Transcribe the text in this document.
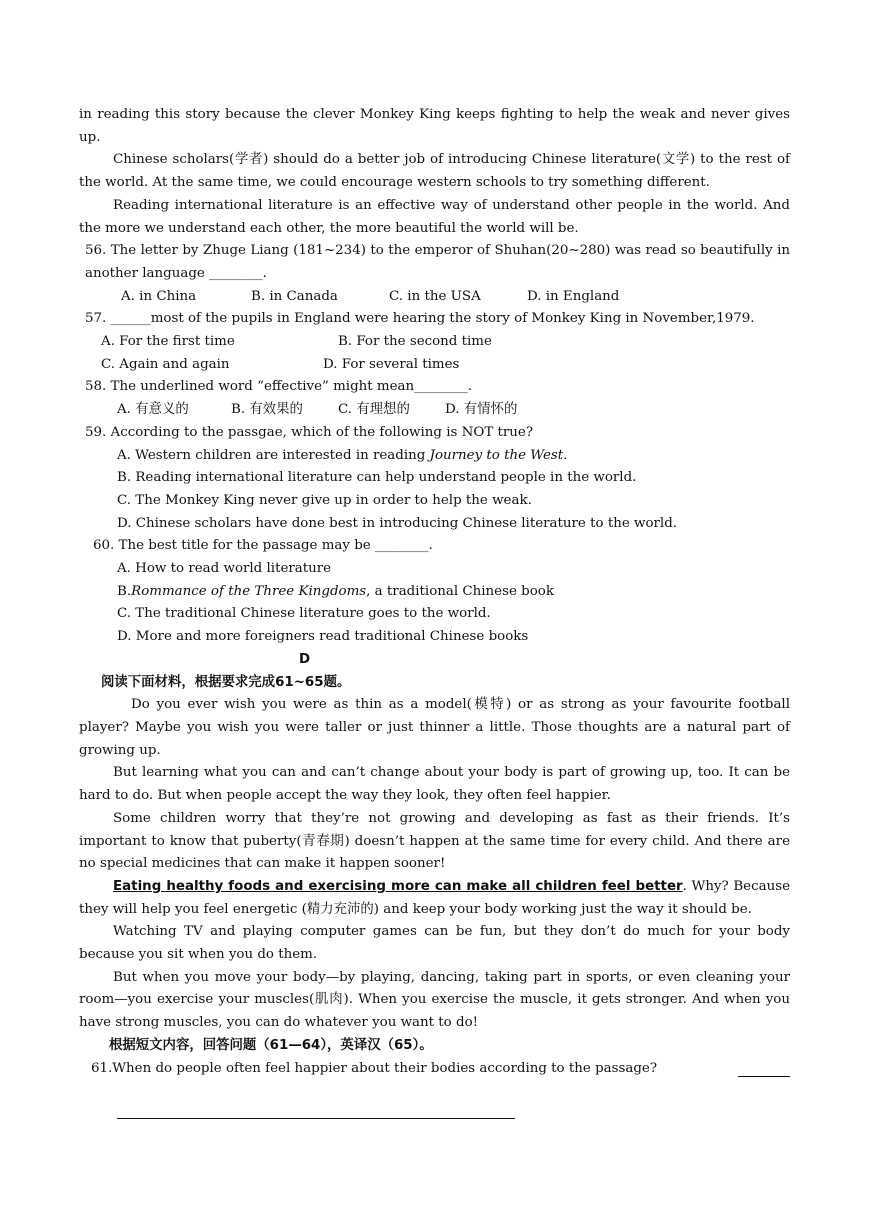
in reading this story because the clever Monkey King keeps fighting to help the weak and never gives up.

Chinese scholars(学者) should do a better job of introducing Chinese literature(文学) to the rest of the world. At the same time, we could encourage western schools to try something different.

Reading international literature is an effective way of understand other people in the world. And the more we understand each other, the more beautiful the world will be.

56. The letter by Zhuge Liang (181~234) to the emperor of Shuhan(20~280) was read so beautifully in another language ________.

A. in China	B. in Canada	C. in the USA	D. in England

57. ______most of the pupils in England were hearing the story of Monkey King in November,1979.

A. For the first time	B. For the second time

C. Again and again	D. For several times

58. The underlined word “effective” might mean________.

A. 有意义的	B. 有效果的	C. 有理想的	D. 有情怀的

59. According to the passgae, which of the following is NOT true?

A. Western children are interested in reading Journey to the West.

B. Reading international literature can help understand people in the world.

C. The Monkey King never give up in order to help the weak.

D. Chinese scholars have done best in introducing Chinese literature to the world.

60. The best title for the passage may be ________.

A. How to read world literature

B.Rommance of the Three Kingdoms, a traditional Chinese book

C. The traditional Chinese literature goes to the world.

D. More and more foreigners read traditional Chinese books

D

阅读下面材料，根据要求完成61~65题。

Do you ever wish you were as thin as a model(模特) or as strong as your favourite football player? Maybe you wish you were taller or just thinner a little. Those thoughts are a natural part of growing up.

But learning what you can and can’t change about your body is part of growing up, too. It can be hard to do. But when people accept the way they look, they often feel happier.

Some children worry that they’re not growing and developing as fast as their friends. It’s important to know that puberty(青春期) doesn’t happen at the same time for every child. And there are no special medicines that can make it happen sooner!

Eating healthy foods and exercising more can make all children feel better. Why? Because they will help you feel energetic (精力充沛的) and keep your body working just the way it should be.

Watching TV and playing computer games can be fun, but they don’t do much for your body because you sit when you do them.

But when you move your body—by playing, dancing, taking part in sports, or even cleaning your room—you exercise your muscles(肌肉). When you exercise the muscle, it gets stronger. And when you have strong muscles, you can do whatever you want to do!

根据短文内容，回答问题（61—64），英译汉（65）。

61.When do people often feel happier about their bodies according to the passage?
